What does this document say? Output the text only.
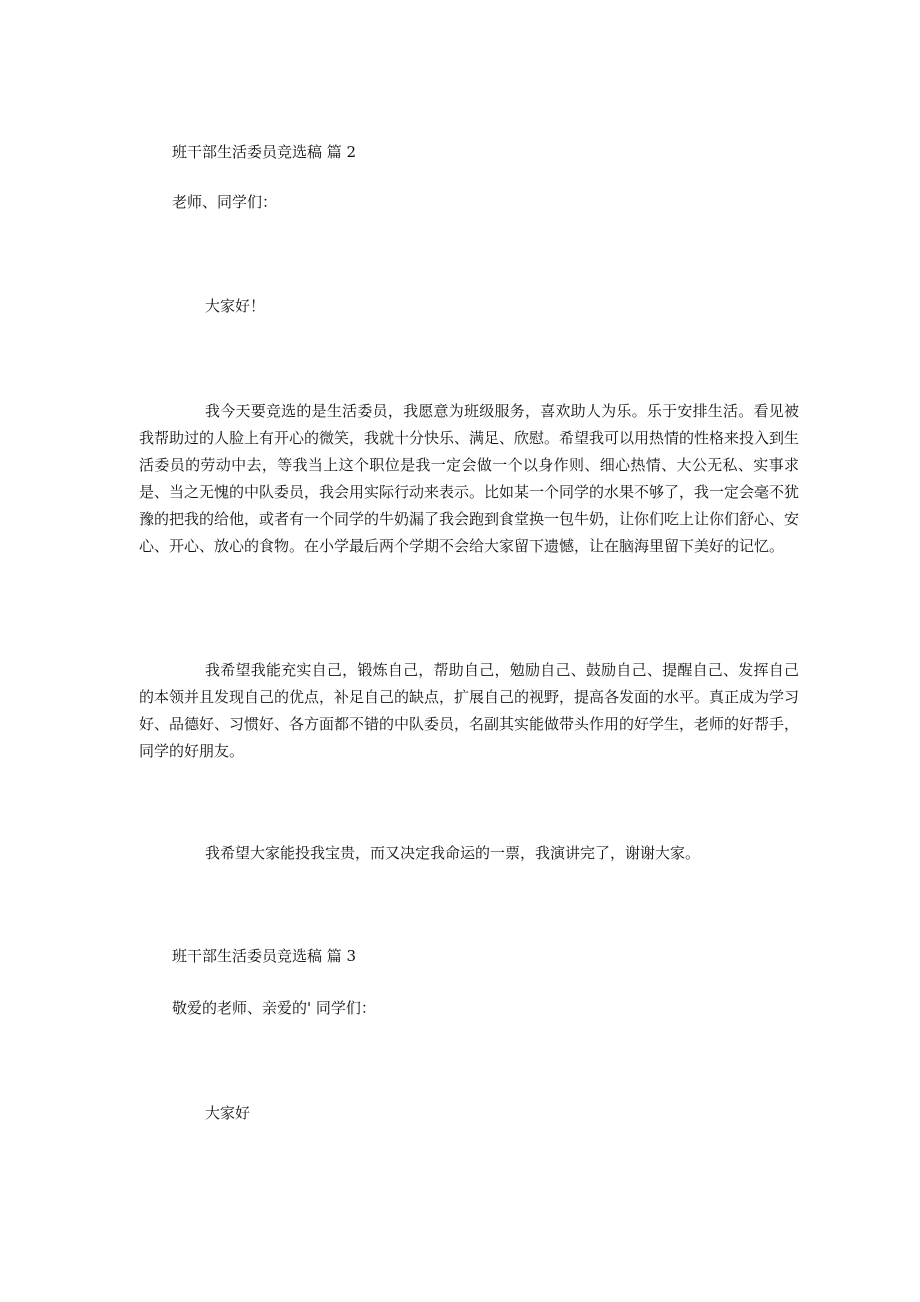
班干部生活委员竞选稿 篇 2
老师、同学们：
大家好！
我今天要竞选的是生活委员，我愿意为班级服务，喜欢助人为乐。乐于安排生活。看见被我帮助过的人脸上有开心的微笑，我就十分快乐、满足、欣慰。希望我可以用热情的性格来投入到生活委员的劳动中去，等我当上这个职位是我一定会做一个以身作则、细心热情、大公无私、实事求是、当之无愧的中队委员，我会用实际行动来表示。比如某一个同学的水果不够了，我一定会毫不犹豫的把我的给他，或者有一个同学的牛奶漏了我会跑到食堂换一包牛奶，让你们吃上让你们舒心、安心、开心、放心的食物。在小学最后两个学期不会给大家留下遗憾，让在脑海里留下美好的记忆。
我希望我能充实自己，锻炼自己，帮助自己，勉励自己、鼓励自己、提醒自己、发挥自己的本领并且发现自己的优点，补足自己的缺点，扩展自己的视野，提高各发面的水平。真正成为学习好、品德好、习惯好、各方面都不错的中队委员，名副其实能做带头作用的好学生，老师的好帮手，同学的好朋友。
我希望大家能投我宝贵，而又决定我命运的一票，我演讲完了，谢谢大家。
班干部生活委员竞选稿 篇 3
敬爱的老师、亲爱的' 同学们：
大家好
